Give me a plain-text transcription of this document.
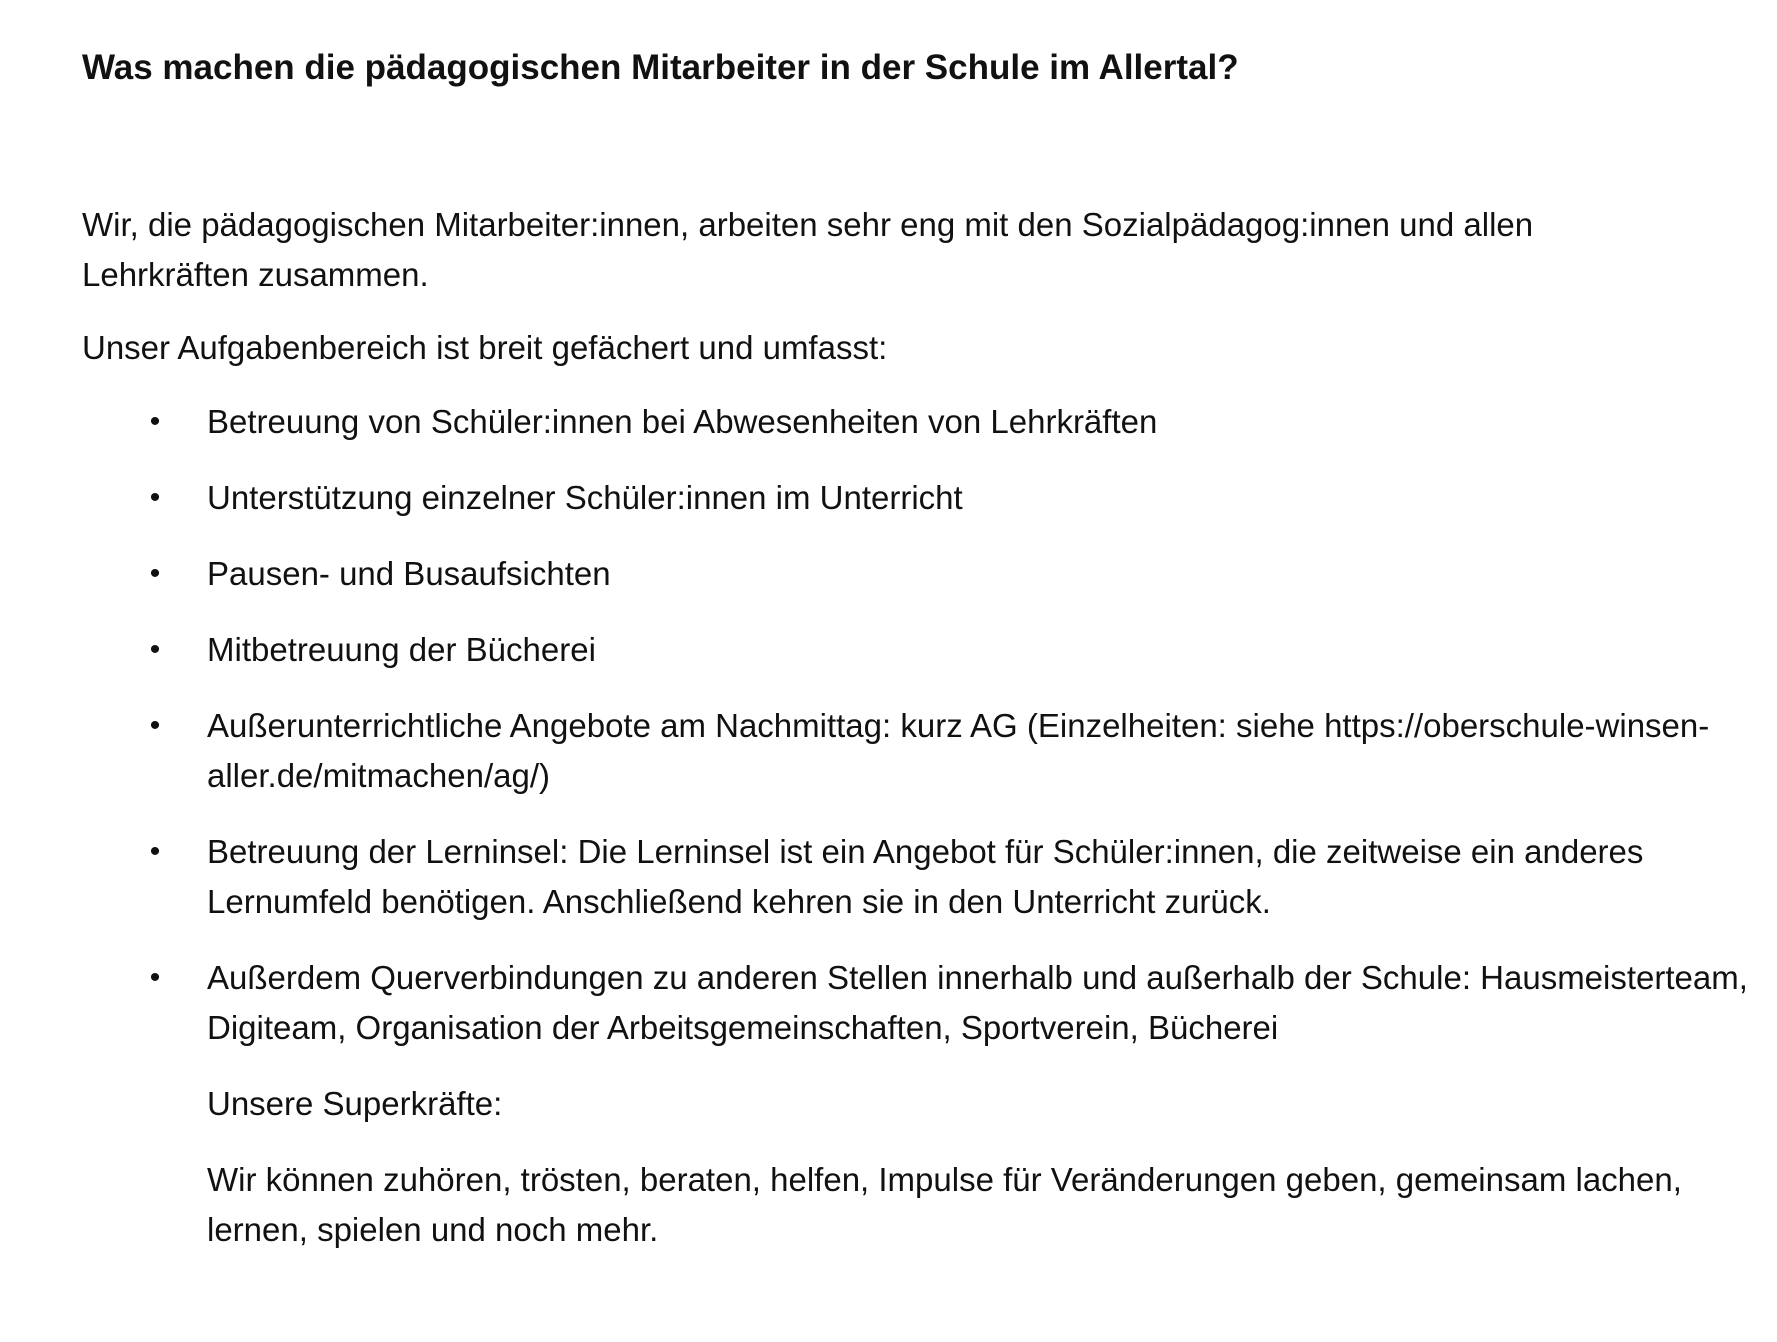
Was machen die pädagogischen Mitarbeiter in der Schule im Allertal?

Wir, die pädagogischen Mitarbeiter:innen, arbeiten sehr eng mit den Sozialpädagog:innen und allen Lehrkräften zusammen.

Unser Aufgabenbereich ist breit gefächert und umfasst:

• Betreuung von Schüler:innen bei Abwesenheiten von Lehrkräften
• Unterstützung einzelner Schüler:innen im Unterricht
• Pausen- und Busaufsichten
• Mitbetreuung der Bücherei
• Außerunterrichtliche Angebote am Nachmittag: kurz AG (Einzelheiten: siehe https://oberschule-winsen-aller.de/mitmachen/ag/)
• Betreuung der Lerninsel: Die Lerninsel ist ein Angebot für Schüler:innen, die zeitweise ein anderes Lernumfeld benötigen. Anschließend kehren sie in den Unterricht zurück.
• Außerdem Querverbindungen zu anderen Stellen innerhalb und außerhalb der Schule: Hausmeisterteam, Digiteam, Organisation der Arbeitsgemeinschaften, Sportverein, Bücherei

Unsere Superkräfte:

Wir können zuhören, trösten, beraten, helfen, Impulse für Veränderungen geben, gemeinsam lachen, lernen, spielen und noch mehr.
